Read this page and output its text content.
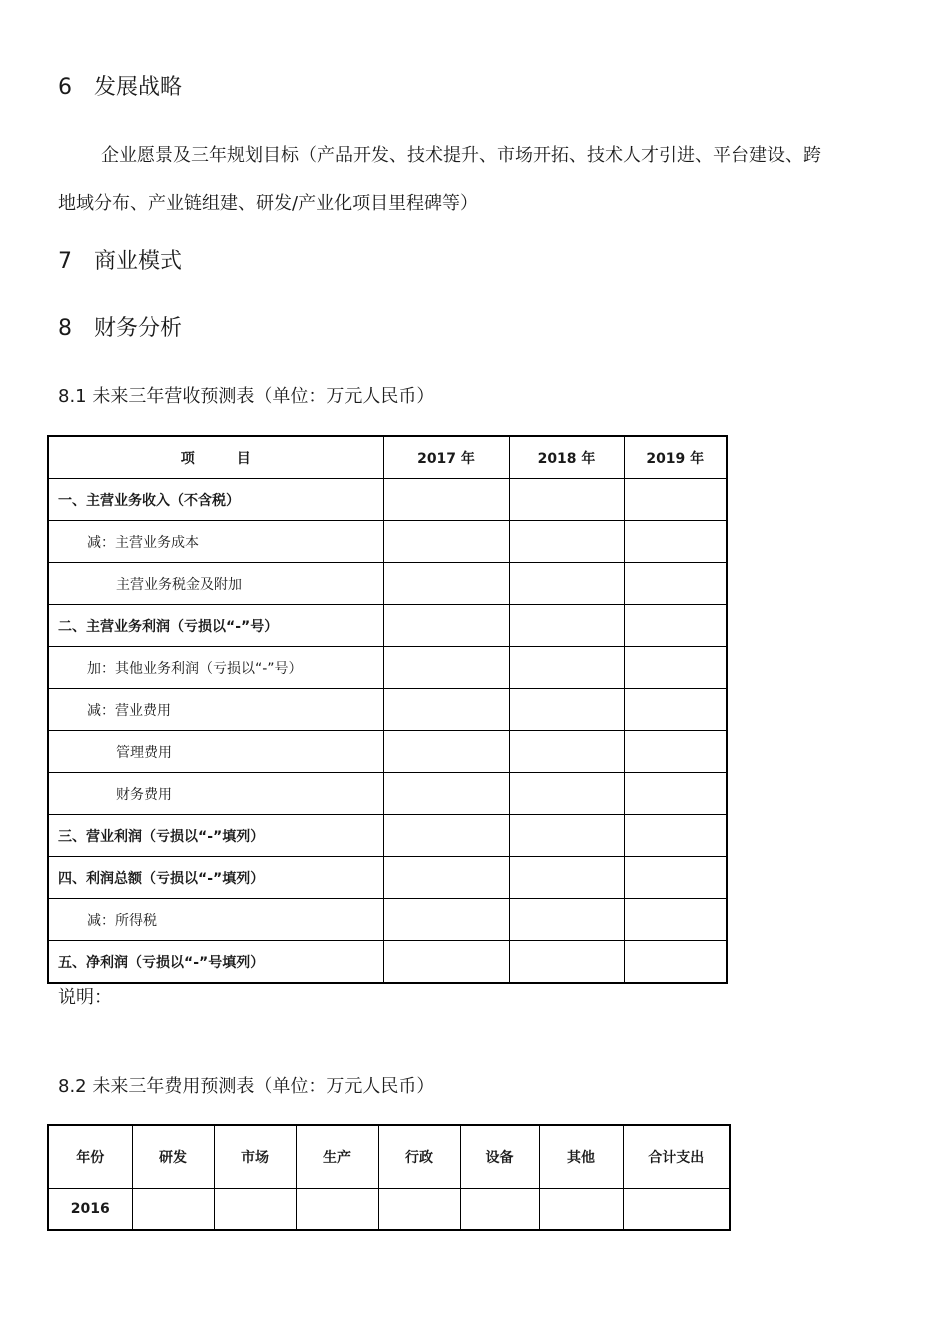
6 发展战略
企业愿景及三年规划目标（产品开发、技术提升、市场开拓、技术人才引进、平台建设、跨
地域分布、产业链组建、研发/产业化项目里程碑等）
7 商业模式
8 财务分析
8.1 未来三年营收预测表（单位：万元人民币）
项　　　目	2017 年	2018 年	2019 年
一、主营业务收入（不含税）			
减：主营业务成本			
主营业务税金及附加			
二、主营业务利润（亏损以“-”号）			
加：其他业务利润（亏损以“-”号）			
减：营业费用			
管理费用			
财务费用			
三、营业利润（亏损以“-”填列）			
四、利润总额（亏损以“-”填列）			
减：所得税			
五、净利润（亏损以“-”号填列）			
说明：
8.2 未来三年费用预测表（单位：万元人民币）
年份	研发	市场	生产	行政	设备	其他	合计支出
2016							
